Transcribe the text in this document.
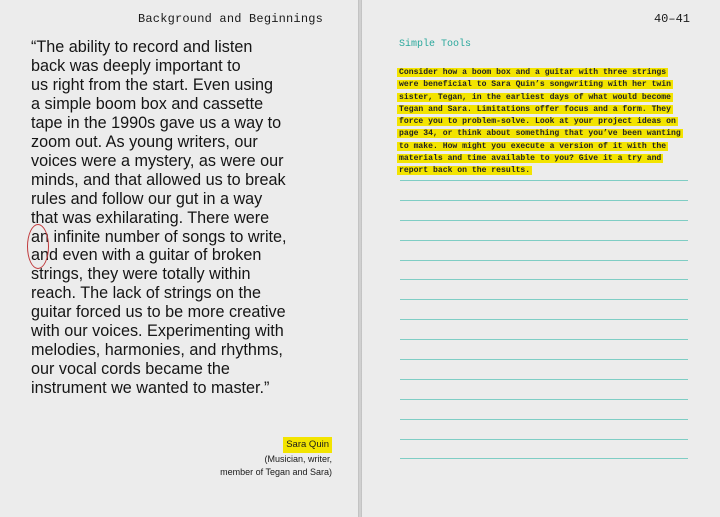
Background and Beginnings
“The ability to record and listen
back was deeply important to
us right from the start. Even using
a simple boom box and cassette
tape in the 1990s gave us a way to
zoom out. As young writers, our
voices were a mystery, as were our
minds, and that allowed us to break
rules and follow our gut in a way
that was exhilarating. There were
an infinite number of songs to write,
and even with a guitar of broken
strings, they were totally within
reach. The lack of strings on the
guitar forced us to be more creative
with our voices. Experimenting with
melodies, harmonies, and rhythms,
our vocal cords became the
instrument we wanted to master.”
Sara Quin
(Musician, writer,
member of Tegan and Sara)
40–41
Simple Tools
Consider how a boom box and a guitar with three strings were beneficial to Sara Quin’s songwriting with her twin sister, Tegan, in the earliest days of what would become Tegan and Sara. Limitations offer focus and a form. They force you to problem-solve. Look at your project ideas on page 34, or think about something that you’ve been wanting to make. How might you execute a version of it with the materials and time available to you? Give it a try and report back on the results.
